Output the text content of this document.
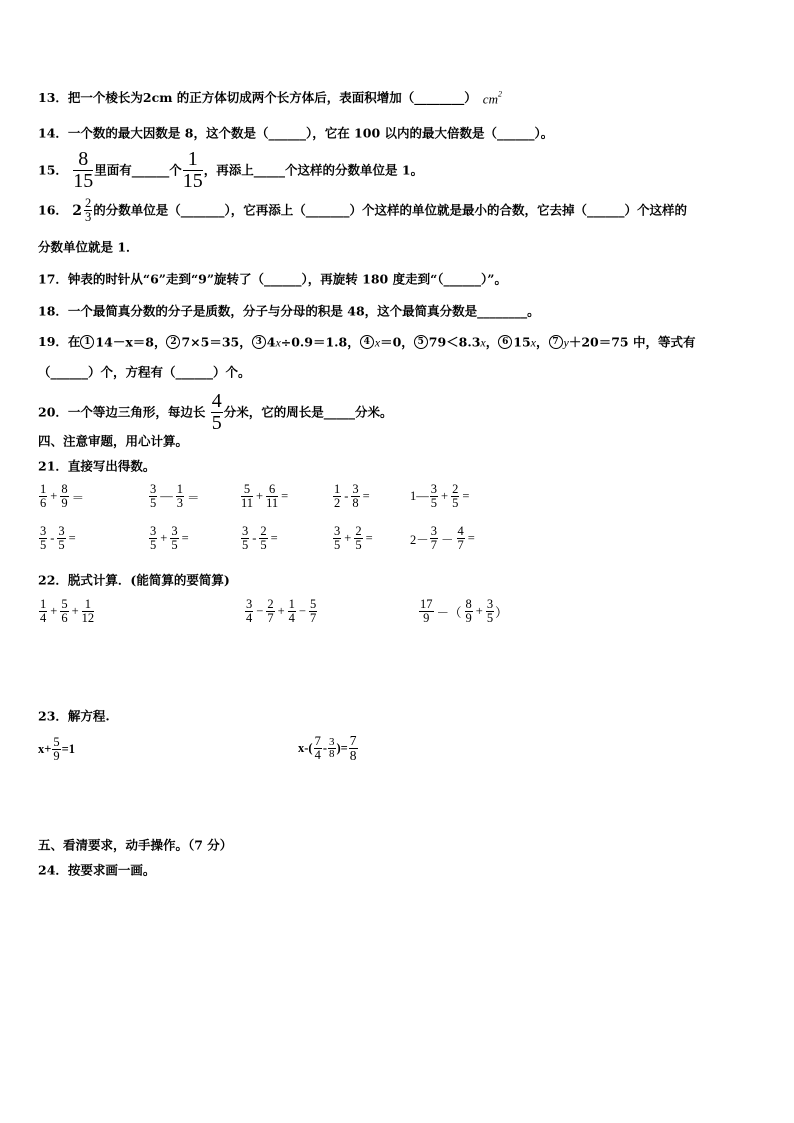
13．把一个棱长为2cm 的正方体切成两个长方体后，表面积增加（________） $cm^2$
14．一个数的最大因数是 8，这个数是（______），它在 100 以内的最大倍数是（______）。
15． $\frac{8}{15}$ 里面有______个 $\frac{1}{15}$ ，再添上_____个这样的分数单位是 1。
16． $2 \frac{2}{3}$ 的分数单位是（_______），它再添上（_______）个这样的单位就是最小的合数，它去掉（______）个这样的
分数单位就是 1．
17．钟表的时针从“6”走到“9”旋转了（______），再旋转 180 度走到“（______）”。
18．一个最简真分数的分子是质数，分子与分母的积是 48，这个最简真分数是________。
19．在 1 14－x＝8， 2 7×5＝35， 3 4x÷0.9＝1.8， 4 x＝0， 5 79＜8.3x， 6 15x， 7 y＋20＝75 中，等式有
（______）个，方程有（______）个。
20．一个等边三角形，每边长 $\frac{4}{5}$ 分米，它的周长是_____分米。
四、注意审题，用心计算。
21．直接写出得数。
$\frac{1}{6} + \frac{8}{9}$ ＝	$\frac{3}{5}$ — $\frac{1}{3}$ ＝	$\frac{5}{11} + \frac{6}{11}$ =	$\frac{1}{2} - \frac{3}{8}$ =	1— $\frac{3}{5} + \frac{2}{5}$ =
$\frac{3}{5} - \frac{3}{5}$ =	$\frac{3}{5} + \frac{3}{5}$ =	$\frac{3}{5} - \frac{2}{5}$ =	$\frac{3}{5} + \frac{2}{5}$ =	$2- \frac{3}{7} - \frac{4}{7}$ =
22．脱式计算．(能简算的要简算)
$\frac{1}{4} + \frac{5}{6} + \frac{1}{12}$	$\frac{3}{4} - \frac{2}{7} + \frac{1}{4} - \frac{5}{7}$	$\frac{17}{9}$ －（ $\frac{8}{9} + \frac{3}{5}$ ）
23．解方程.
$x+ \frac{5}{9} =1$	$x-( \frac{7}{4} - \frac{3}{8}$ )= $\frac{7}{8}$
五、看清要求，动手操作。（7 分）
24．按要求画一画。
